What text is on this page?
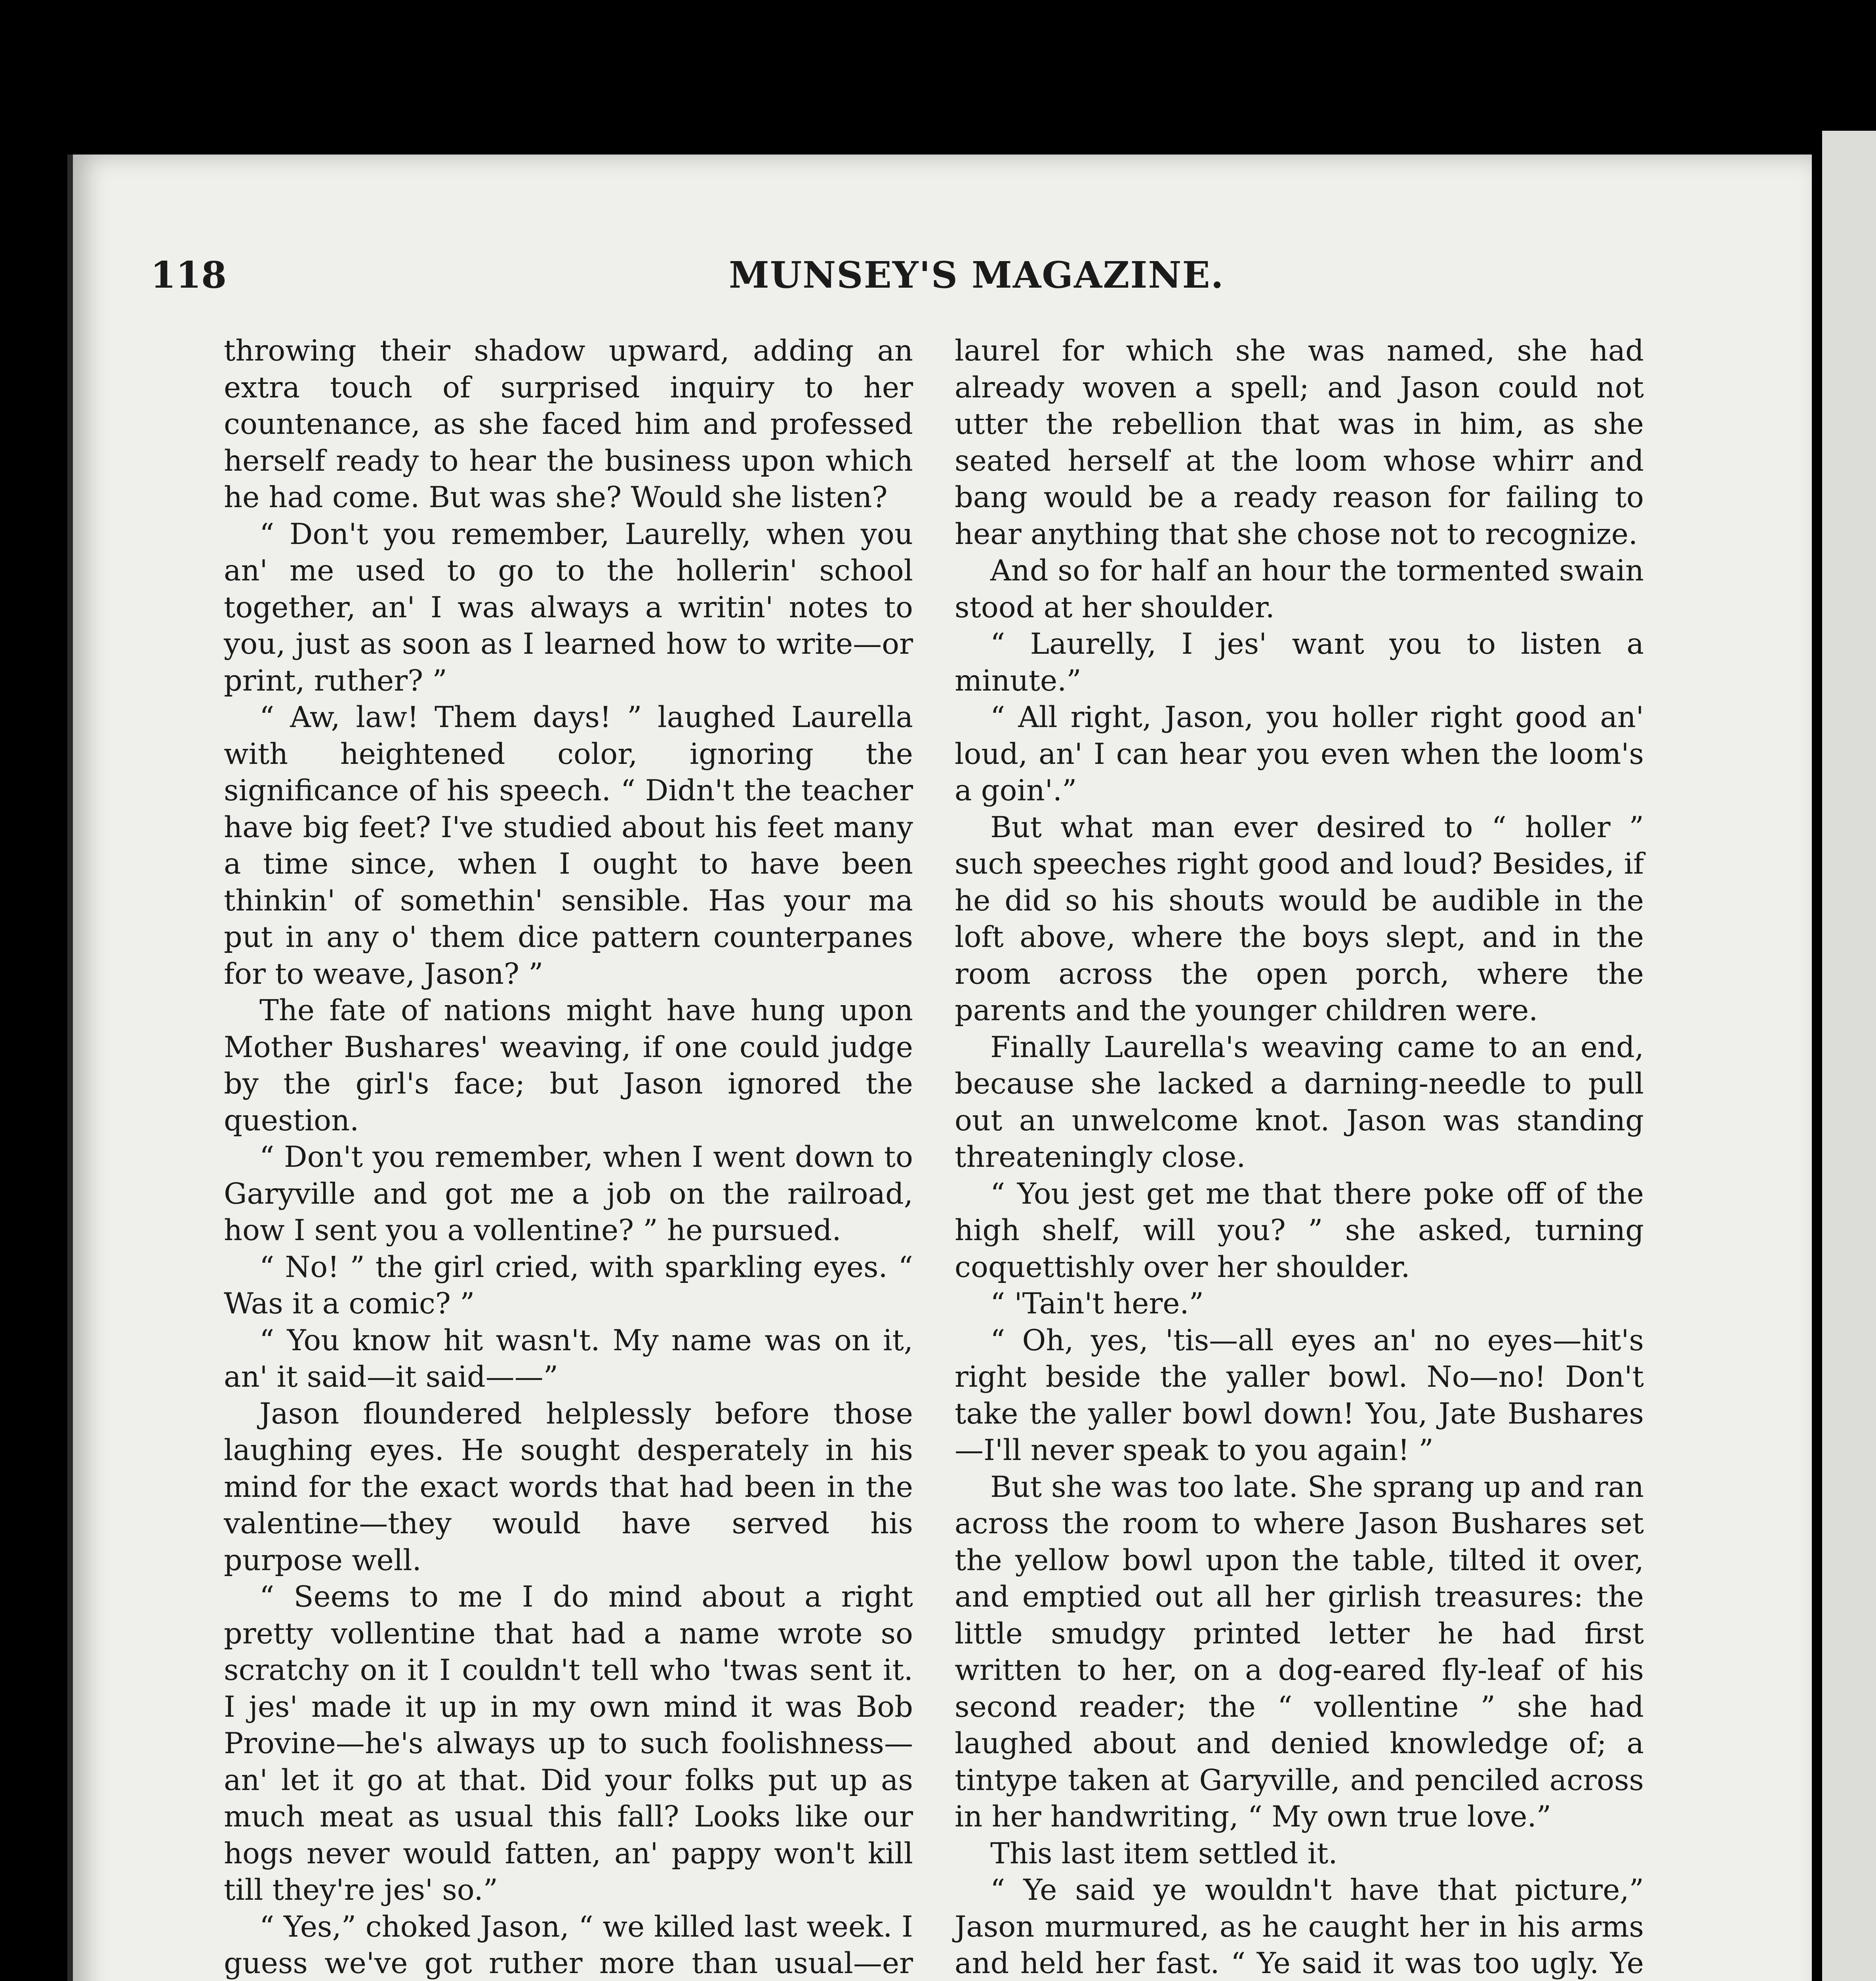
118	MUNSEY'S MAGAZINE.

throwing their shadow upward, adding an extra touch of surprised inquiry to her countenance, as she faced him and professed herself ready to hear the business upon which he had come. But was she? Would she listen?

“ Don't you remember, Laurelly, when you an' me used to go to the hollerin' school together, an' I was always a writin' notes to you, just as soon as I learned how to write—or print, ruther? ”

“ Aw, law! Them days! ” laughed Laurella with heightened color, ignoring the significance of his speech. “ Didn't the teacher have big feet? I've studied about his feet many a time since, when I ought to have been thinkin' of somethin' sensible. Has your ma put in any o' them dice pattern counterpanes for to weave, Jason? ”

The fate of nations might have hung upon Mother Bushares' weaving, if one could judge by the girl's face; but Jason ignored the question.

“ Don't you remember, when I went down to Garyville and got me a job on the railroad, how I sent you a vollentine? ” he pursued.

“ No! ” the girl cried, with sparkling eyes. “ Was it a comic? ”

“ You know hit wasn't. My name was on it, an' it said—it said——”

Jason floundered helplessly before those laughing eyes. He sought desperately in his mind for the exact words that had been in the valentine—they would have served his purpose well.

“ Seems to me I do mind about a right pretty vollentine that had a name wrote so scratchy on it I couldn't tell who 'twas sent it. I jes' made it up in my own mind it was Bob Provine—he's always up to such foolishness—an' let it go at that. Did your folks put up as much meat as usual this fall? Looks like our hogs never would fatten, an' pappy won't kill till they're jes' so.”

“ Yes,” choked Jason, “ we killed last week. I guess we've got ruther more than usual—er

laurel for which she was named, she had already woven a spell; and Jason could not utter the rebellion that was in him, as she seated herself at the loom whose whirr and bang would be a ready reason for failing to hear anything that she chose not to recognize.

And so for half an hour the tormented swain stood at her shoulder.

“ Laurelly, I jes' want you to listen a minute.”

“ All right, Jason, you holler right good an' loud, an' I can hear you even when the loom's a goin'.”

But what man ever desired to “ holler ” such speeches right good and loud? Besides, if he did so his shouts would be audible in the loft above, where the boys slept, and in the room across the open porch, where the parents and the younger children were.

Finally Laurella's weaving came to an end, because she lacked a darning-needle to pull out an unwelcome knot. Jason was standing threateningly close.

“ You jest get me that there poke off of the high shelf, will you? ” she asked, turning coquettishly over her shoulder.

“ 'Tain't here.”

“ Oh, yes, 'tis—all eyes an' no eyes—hit's right beside the yaller bowl. No—no! Don't take the yaller bowl down! You, Jate Bushares—I'll never speak to you again! ”

But she was too late. She sprang up and ran across the room to where Jason Bushares set the yellow bowl upon the table, tilted it over, and emptied out all her girlish treasures: the little smudgy printed letter he had first written to her, on a dog-eared fly-leaf of his second reader; the “ vollentine ” she had laughed about and denied knowledge of; a tintype taken at Garyville, and penciled across in her handwriting, “ My own true love.”

This last item settled it.

“ Ye said ye wouldn't have that picture,” Jason murmured, as he caught her in his arms and held her fast. “ Ye said it was too ugly. Ye
